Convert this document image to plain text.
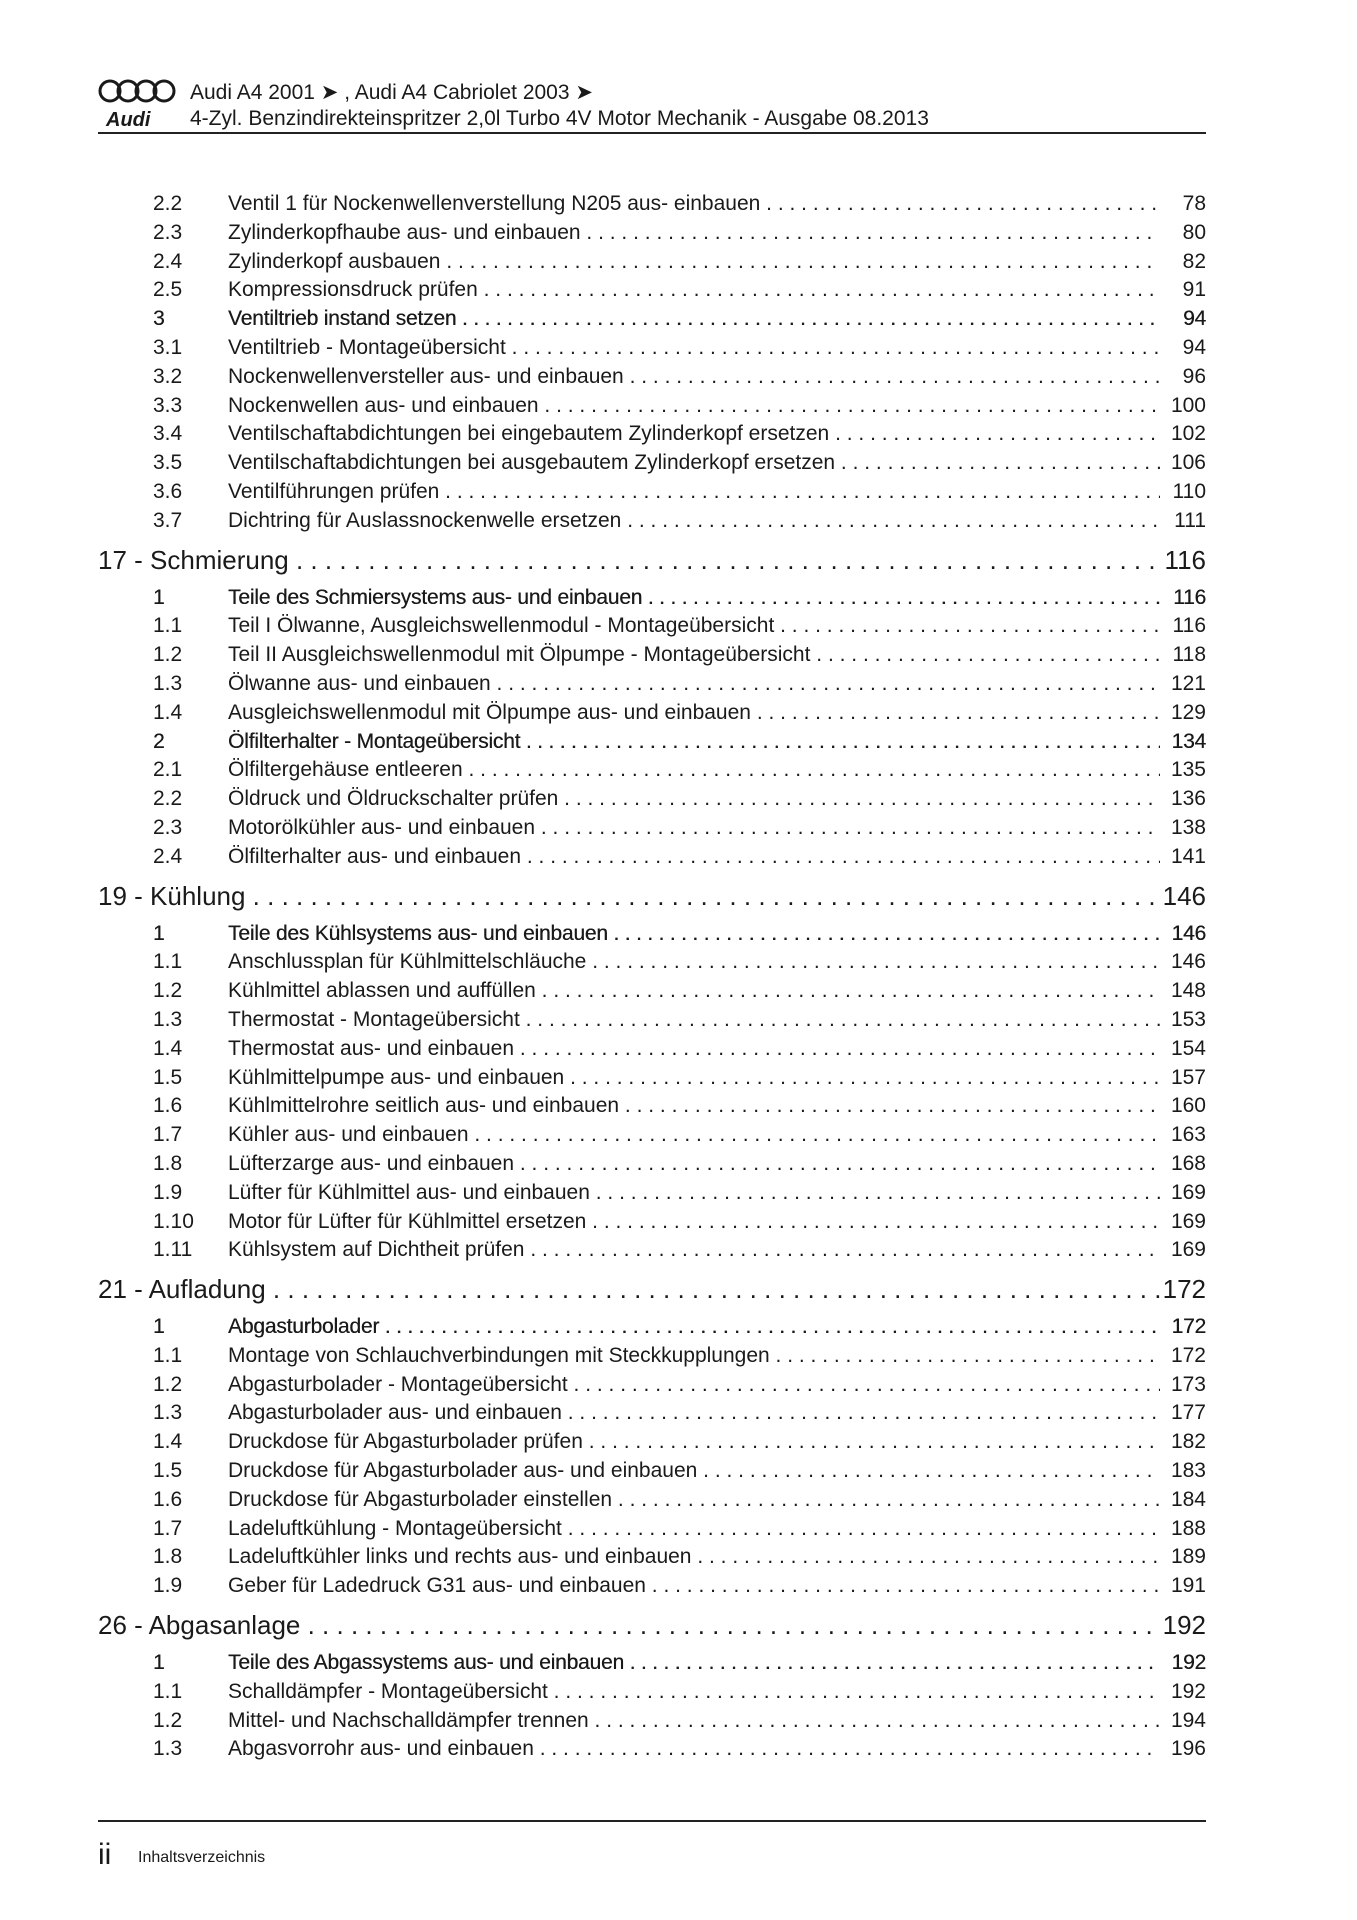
Audi
Audi A4 2001 ➤ , Audi A4 Cabriolet 2003 ➤
4-Zyl. Benzindirekteinspritzer 2,0l Turbo 4V Motor Mechanik - Ausgabe 08.2013
2.2 Ventil 1 für Nockenwellenverstellung N205 aus- einbauen . . .	78
2.3 Zylinderkopfhaube aus- und einbauen . . .	80
2.4 Zylinderkopf ausbauen . . .	82
2.5 Kompressionsdruck prüfen . . .	91
3	Ventiltrieb instand setzen . . .	94
3.1 Ventiltrieb - Montageübersicht . . .	94
3.2 Nockenwellenversteller aus- und einbauen . . .	96
3.3 Nockenwellen aus- und einbauen . . .	100
3.4 Ventilschaftabdichtungen bei eingebautem Zylinderkopf ersetzen . . .	102
3.5 Ventilschaftabdichtungen bei ausgebautem Zylinderkopf ersetzen . . .	106
3.6 Ventilführungen prüfen . . .	110
3.7 Dichtring für Auslassnockenwelle ersetzen . . .	111
17 - Schmierung . . .	116
1	Teile des Schmiersystems aus- und einbauen . . .	116
1.1 Teil I Ölwanne, Ausgleichswellenmodul - Montageübersicht . . .	116
1.2 Teil II Ausgleichswellenmodul mit Ölpumpe - Montageübersicht . . .	118
1.3 Ölwanne aus- und einbauen . . .	121
1.4 Ausgleichswellenmodul mit Ölpumpe aus- und einbauen . . .	129
2	Ölfilterhalter - Montageübersicht . . .	134
2.1 Ölfiltergehäuse entleeren . . .	135
2.2 Öldruck und Öldruckschalter prüfen . . .	136
2.3 Motorölkühler aus- und einbauen . . .	138
2.4 Ölfilterhalter aus- und einbauen . . .	141
19 - Kühlung . . .	146
1	Teile des Kühlsystems aus- und einbauen . . .	146
1.1 Anschlussplan für Kühlmittelschläuche . . .	146
1.2 Kühlmittel ablassen und auffüllen . . .	148
1.3 Thermostat - Montageübersicht . . .	153
1.4 Thermostat aus- und einbauen . . .	154
1.5 Kühlmittelpumpe aus- und einbauen . . .	157
1.6 Kühlmittelrohre seitlich aus- und einbauen . . .	160
1.7 Kühler aus- und einbauen . . .	163
1.8 Lüfterzarge aus- und einbauen . . .	168
1.9 Lüfter für Kühlmittel aus- und einbauen . . .	169
1.10 Motor für Lüfter für Kühlmittel ersetzen . . .	169
1.11 Kühlsystem auf Dichtheit prüfen . . .	169
21 - Aufladung . . .	172
1	Abgasturbolader . . .	172
1.1 Montage von Schlauchverbindungen mit Steckkupplungen . . .	172
1.2 Abgasturbolader - Montageübersicht . . .	173
1.3 Abgasturbolader aus- und einbauen . . .	177
1.4 Druckdose für Abgasturbolader prüfen . . .	182
1.5 Druckdose für Abgasturbolader aus- und einbauen . . .	183
1.6 Druckdose für Abgasturbolader einstellen . . .	184
1.7 Ladeluftkühlung - Montageübersicht . . .	188
1.8 Ladeluftkühler links und rechts aus- und einbauen . . .	189
1.9 Geber für Ladedruck G31 aus- und einbauen . . .	191
26 - Abgasanlage . . .	192
1	Teile des Abgassystems aus- und einbauen . . .	192
1.1 Schalldämpfer - Montageübersicht . . .	192
1.2 Mittel- und Nachschalldämpfer trennen . . .	194
1.3 Abgasvorrohr aus- und einbauen . . .	196
ii Inhaltsverzeichnis
